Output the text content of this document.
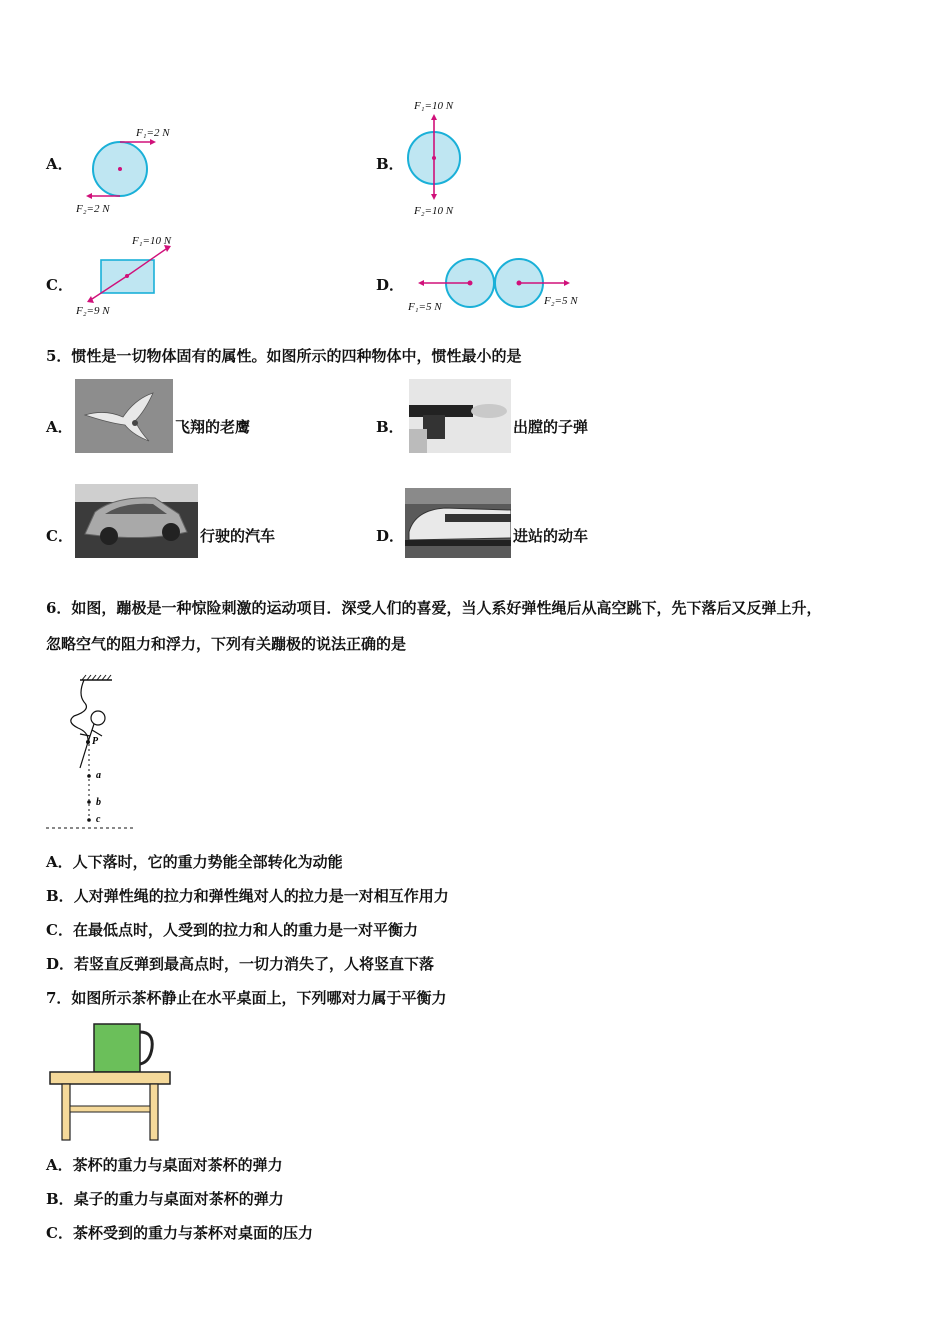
A．
F₁=2 N
F₂=2 N
B．
F₁=10 N
F₂=10 N
C．
F₁=10 N
F₂=9 N
D．
F₁=5 N	F₂=5 N
5．惯性是一切物体固有的属性。如图所示的四种物体中，惯性最小的是
A．	飞翔的老鹰	B．	出膛的子弹
C．	行驶的汽车	D．	进站的动车
6．如图，蹦极是一种惊险刺激的运动项目．深受人们的喜爱，当人系好弹性绳后从高空跳下，先下落后又反弹上升，
忽略空气的阻力和浮力，下列有关蹦极的说法正确的是
P
a
b
c
A．人下落时，它的重力势能全部转化为动能
B．人对弹性绳的拉力和弹性绳对人的拉力是一对相互作用力
C．在最低点时，人受到的拉力和人的重力是一对平衡力
D．若竖直反弹到最高点时，一切力消失了，人将竖直下落
7．如图所示茶杯静止在水平桌面上，下列哪对力属于平衡力
A．茶杯的重力与桌面对茶杯的弹力
B．桌子的重力与桌面对茶杯的弹力
C．茶杯受到的重力与茶杯对桌面的压力
